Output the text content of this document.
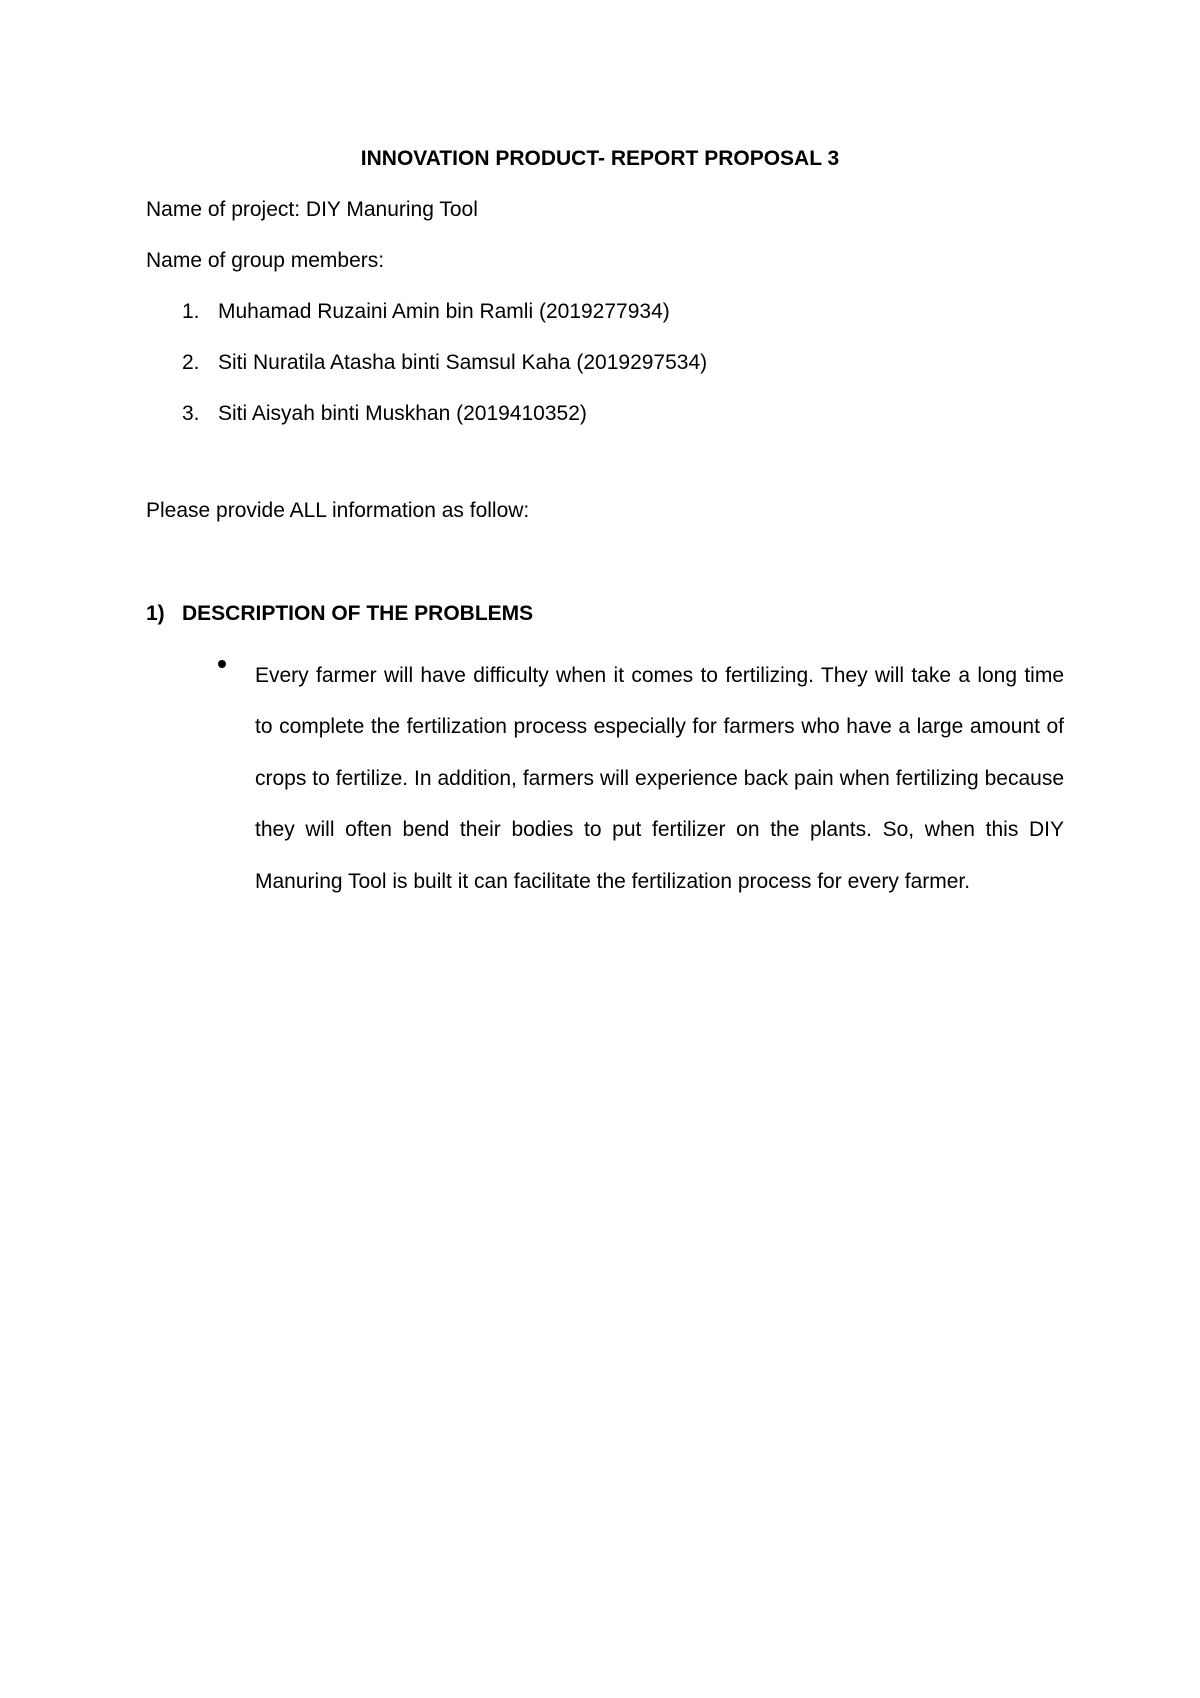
INNOVATION PRODUCT- REPORT PROPOSAL 3
Name of project: DIY Manuring Tool
Name of group members:
1. Muhamad Ruzaini Amin bin Ramli (2019277934)
2. Siti Nuratila Atasha binti Samsul Kaha (2019297534)
3. Siti Aisyah binti Muskhan (2019410352)
Please provide ALL information as follow:
1) DESCRIPTION OF THE PROBLEMS
Every farmer will have difficulty when it comes to fertilizing. They will take a long time to complete the fertilization process especially for farmers who have a large amount of crops to fertilize. In addition, farmers will experience back pain when fertilizing because they will often bend their bodies to put fertilizer on the plants. So, when this DIY Manuring Tool is built it can facilitate the fertilization process for every farmer.
